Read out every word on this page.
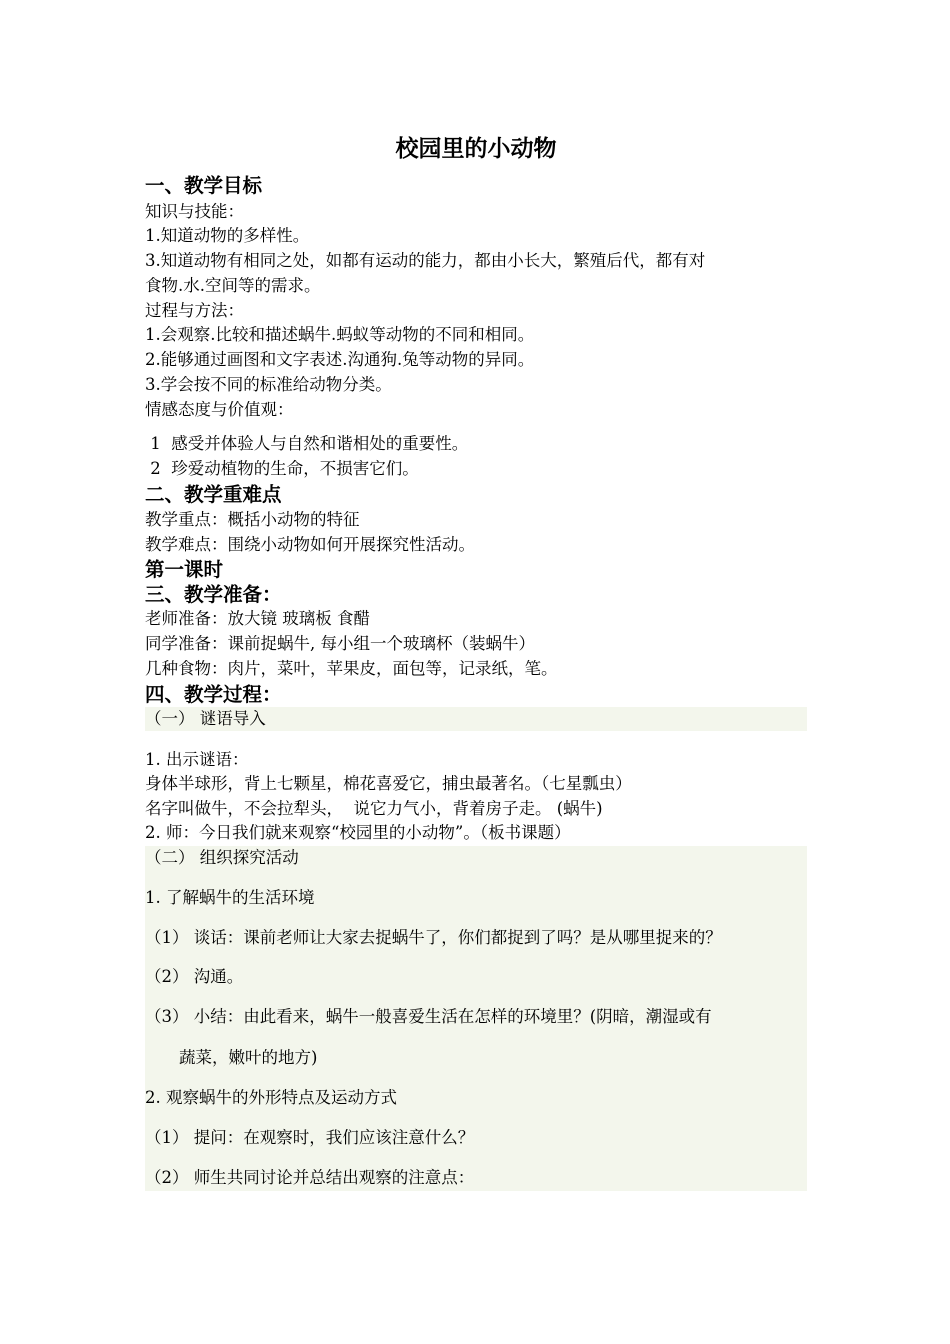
校园里的小动物
一、教学目标
知识与技能：
1.知道动物的多样性。
3.知道动物有相同之处，如都有运动的能力，都由小长大，繁殖后代，都有对
食物.水.空间等的需求。
过程与方法：
1.会观察.比较和描述蜗牛.蚂蚁等动物的不同和相同。
2.能够通过画图和文字表述.沟通狗.兔等动物的异同。
3.学会按不同的标准给动物分类。
情感态度与价值观：
1  感受并体验人与自然和谐相处的重要性。
2  珍爱动植物的生命，不损害它们。
二、教学重难点
教学重点：概括小动物的特征
教学难点：围绕小动物如何开展探究性活动。
第一课时
三、教学准备：
老师准备：放大镜 玻璃板 食醋
同学准备：课前捉蜗牛, 每小组一个玻璃杯（装蜗牛）
几种食物：肉片，菜叶，苹果皮，面包等，记录纸，笔。
四、教学过程：
（一） 谜语导入
1. 出示谜语：
身体半球形，背上七颗星，棉花喜爱它，捕虫最著名。（七星瓢虫）
名字叫做牛，不会拉犁头，  说它力气小，背着房子走。 (蜗牛)
2. 师：今日我们就来观察“校园里的小动物”。（板书课题）
（二） 组织探究活动
1. 了解蜗牛的生活环境
（1） 谈话：课前老师让大家去捉蜗牛了，你们都捉到了吗？是从哪里捉来的？
（2） 沟通。
（3） 小结：由此看来，蜗牛一般喜爱生活在怎样的环境里？(阴暗，潮湿或有
蔬菜，嫩叶的地方)
2. 观察蜗牛的外形特点及运动方式
（1） 提问：在观察时，我们应该注意什么？
（2） 师生共同讨论并总结出观察的注意点：
